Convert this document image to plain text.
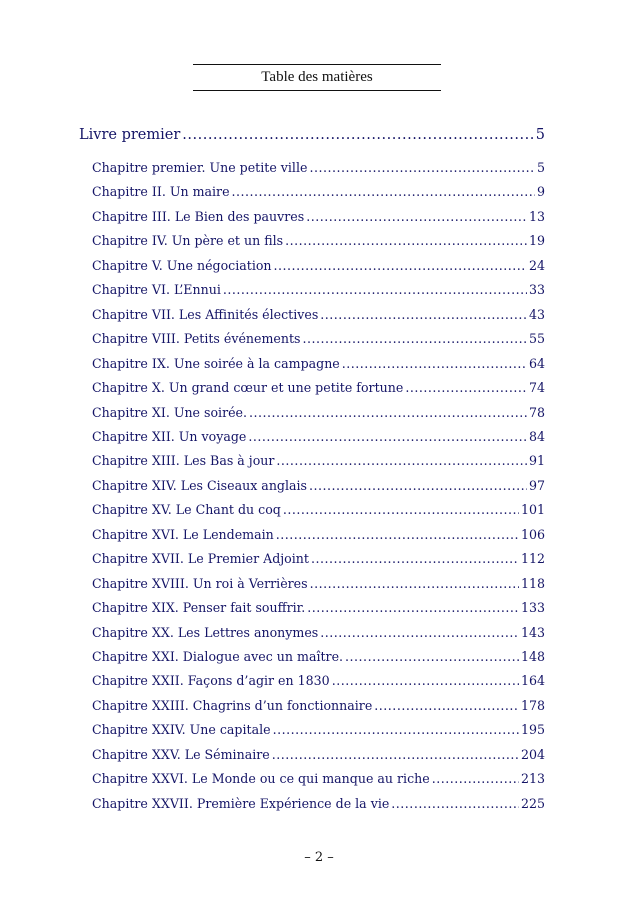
Table des matières
Livre premier .....	5
Chapitre premier. Une petite ville .....	5
Chapitre II. Un maire .....	9
Chapitre III. Le Bien des pauvres .....	13
Chapitre IV. Un père et un fils .....	19
Chapitre V. Une négociation .....	24
Chapitre VI. L’Ennui .....	33
Chapitre VII. Les Affinités électives .....	43
Chapitre VIII. Petits événements .....	55
Chapitre IX. Une soirée à la campagne .....	64
Chapitre X. Un grand cœur et une petite fortune .....	74
Chapitre XI. Une soirée. .....	78
Chapitre XII. Un voyage .....	84
Chapitre XIII. Les Bas à jour .....	91
Chapitre XIV. Les Ciseaux anglais .....	97
Chapitre XV. Le Chant du coq .....	101
Chapitre XVI. Le Lendemain .....	106
Chapitre XVII. Le Premier Adjoint .....	112
Chapitre XVIII. Un roi à Verrières .....	118
Chapitre XIX. Penser fait souffrir. .....	133
Chapitre XX. Les Lettres anonymes .....	143
Chapitre XXI. Dialogue avec un maître. .....	148
Chapitre XXII. Façons d’agir en 1830 .....	164
Chapitre XXIII. Chagrins d’un fonctionnaire .....	178
Chapitre XXIV. Une capitale .....	195
Chapitre XXV. Le Séminaire .....	204
Chapitre XXVI. Le Monde ou ce qui manque au riche .....	213
Chapitre XXVII. Première Expérience de la vie .....	225
– 2 –
